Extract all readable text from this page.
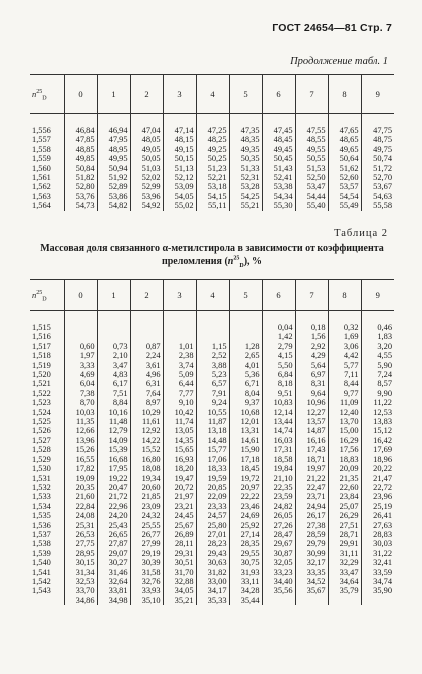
ГОСТ 24654—81 Стр. 7
Продолжение табл. 1
$n^{25}_D$	0	1	2	3	4	5	6	7	8	9

1,556	46,84	46,94	47,04	47,14	47,25	47,35	47,45	47,55	47,65	47,75
1,557	47,85	47,95	48,05	48,15	48,25	48,35	48,45	48,55	48,65	48,75
1,558	48,85	48,95	49,05	49,15	49,25	49,35	49,45	49,55	49,65	49,75
1,559	49,85	49,95	50,05	50,15	50,25	50,35	50,45	50,55	50,64	50,74
1,560	50,84	50,94	51,03	51,13	51,23	51,33	51,43	51,53	51,62	51,72
1,561	51,82	51,92	52,02	52,12	52,21	52,31	52,41	52,50	52,60	52,70
1,562	52,80	52,89	52,99	53,09	53,18	53,28	53,38	53,47	53,57	53,67
1,563	53,76	53,86	53,96	54,05	54,15	54,25	54,34	54,44	54,54	54,63
1,564	54,73	54,82	54,92	55,02	55,11	55,21	55,30	55,40	55,49	55,58
Таблица 2
Массовая доля связанного α-метилстирола в зависимости от коэффициента
преломления $(n^{25}_D)$, %
$n^{25}_D$	0	1	2	3	4	5	6	7	8	9

1,515							0,04	0,18	0,32	0,46
1,516							1,42	1,56	1,69	1,83
1,517	0,60	0,73	0,87	1,01	1,15	1,28	2,79	2,92	3,06	3,20
1,518	1,97	2,10	2,24	2,38	2,52	2,65	4,15	4,29	4,42	4,55
1,519	3,33	3,47	3,61	3,74	3,88	4,01	5,50	5,64	5,77	5,90
1,520	4,69	4,83	4,96	5,09	5,23	5,36	6,84	6,97	7,11	7,24
1,521	6,04	6,17	6,31	6,44	6,57	6,71	8,18	8,31	8,44	8,57
1,522	7,38	7,51	7,64	7,77	7,91	8,04	9,51	9,64	9,77	9,90
1,523	8,70	8,84	8,97	9,10	9,24	9,37	10,83	10,96	11,09	11,22
1,524	10,03	10,16	10,29	10,42	10,55	10,68	12,14	12,27	12,40	12,53
1,525	11,35	11,48	11,61	11,74	11,87	12,01	13,44	13,57	13,70	13,83
1,526	12,66	12,79	12,92	13,05	13,18	13,31	14,74	14,87	15,00	15,12
1,527	13,96	14,09	14,22	14,35	14,48	14,61	16,03	16,16	16,29	16,42
1,528	15,26	15,39	15,52	15,65	15,77	15,90	17,31	17,43	17,56	17,69
1,529	16,55	16,68	16,80	16,93	17,06	17,18	18,58	18,71	18,83	18,96
1,530	17,82	17,95	18,08	18,20	18,33	18,45	19,84	19,97	20,09	20,22
1,531	19,09	19,22	19,34	19,47	19,59	19,72	21,10	21,22	21,35	21,47
1,532	20,35	20,47	20,60	20,72	20,85	20,97	22,35	22,47	22,60	22,72
1,533	21,60	21,72	21,85	21,97	22,09	22,22	23,59	23,71	23,84	23,96
1,534	22,84	22,96	23,09	23,21	23,33	23,46	24,82	24,94	25,07	25,19
1,535	24,08	24,20	24,32	24,45	24,57	24,69	26,05	26,17	26,29	26,41
1,536	25,31	25,43	25,55	25,67	25,80	25,92	27,26	27,38	27,51	27,63
1,537	26,53	26,65	26,77	26,89	27,01	27,14	28,47	28,59	28,71	28,83
1,538	27,75	27,87	27,99	28,11	28,23	28,35	29,67	29,79	29,91	30,03
1,539	28,95	29,07	29,19	29,31	29,43	29,55	30,87	30,99	31,11	31,22
1,540	30,15	30,27	30,39	30,51	30,63	30,75	32,05	32,17	32,29	32,41
1,541	31,34	31,46	31,58	31,70	31,82	31,93	33,23	33,35	33,47	33,59
1,542	32,53	32,64	32,76	32,88	33,00	33,11	34,40	34,52	34,64	34,74
1,543	33,70	33,81	33,93	34,05	34,17	34,28	35,56	35,67	35,79	35,90
	34,86	34,98	35,10	35,21	35,33	35,44				
